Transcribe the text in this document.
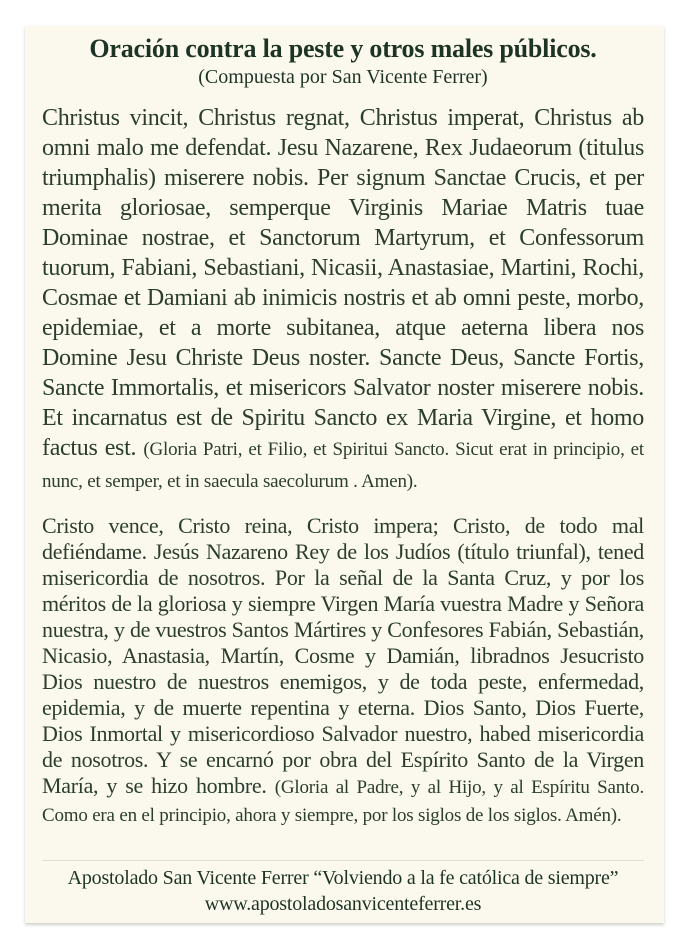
Oración contra la peste y otros males públicos.
(Compuesta por San Vicente Ferrer)

Christus vincit, Christus regnat, Christus imperat, Christus ab omni malo me defendat. Jesu Nazarene, Rex Judaeorum (titulus triumphalis) miserere nobis. Per signum Sanctae Crucis, et per merita gloriosae, semperque Virginis Mariae Matris tuae Dominae nostrae, et Sanctorum Martyrum, et Confessorum tuorum, Fabiani, Sebastiani, Nicasii, Anastasiae, Martini, Rochi, Cosmae et Damiani ab inimicis nostris et ab omni peste, morbo, epidemiae, et a morte subitanea, atque aeterna libera nos Domine Jesu Christe Deus noster. Sancte Deus, Sancte Fortis, Sancte Immortalis, et misericors Salvator noster miserere nobis. Et incarnatus est de Spiritu Sancto ex Maria Virgine, et homo factus est. (Gloria Patri, et Filio, et Spiritui Sancto. Sicut erat in principio, et nunc, et semper, et in saecula saecolurum . Amen).

Cristo vence, Cristo reina, Cristo impera; Cristo, de todo mal defiéndame. Jesús Nazareno Rey de los Judíos (título triunfal), tened misericordia de nosotros. Por la señal de la Santa Cruz, y por los méritos de la gloriosa y siempre Virgen María vuestra Madre y Señora nuestra, y de vuestros Santos Mártires y Confesores Fabián, Sebastián, Nicasio, Anastasia, Martín, Cosme y Damián, libradnos Jesucristo Dios nuestro de nuestros enemigos, y de toda peste, enfermedad, epidemia, y de muerte repentina y eterna. Dios Santo, Dios Fuerte, Dios Inmortal y misericordioso Salvador nuestro, habed misericordia de nosotros. Y se encarnó por obra del Espírito Santo de la Virgen María, y se hizo hombre. (Gloria al Padre, y al Hijo, y al Espíritu Santo. Como era en el principio, ahora y siempre, por los siglos de los siglos. Amén).

Apostolado San Vicente Ferrer “Volviendo a la fe católica de siempre”
www.apostoladosanvicenteferrer.es
